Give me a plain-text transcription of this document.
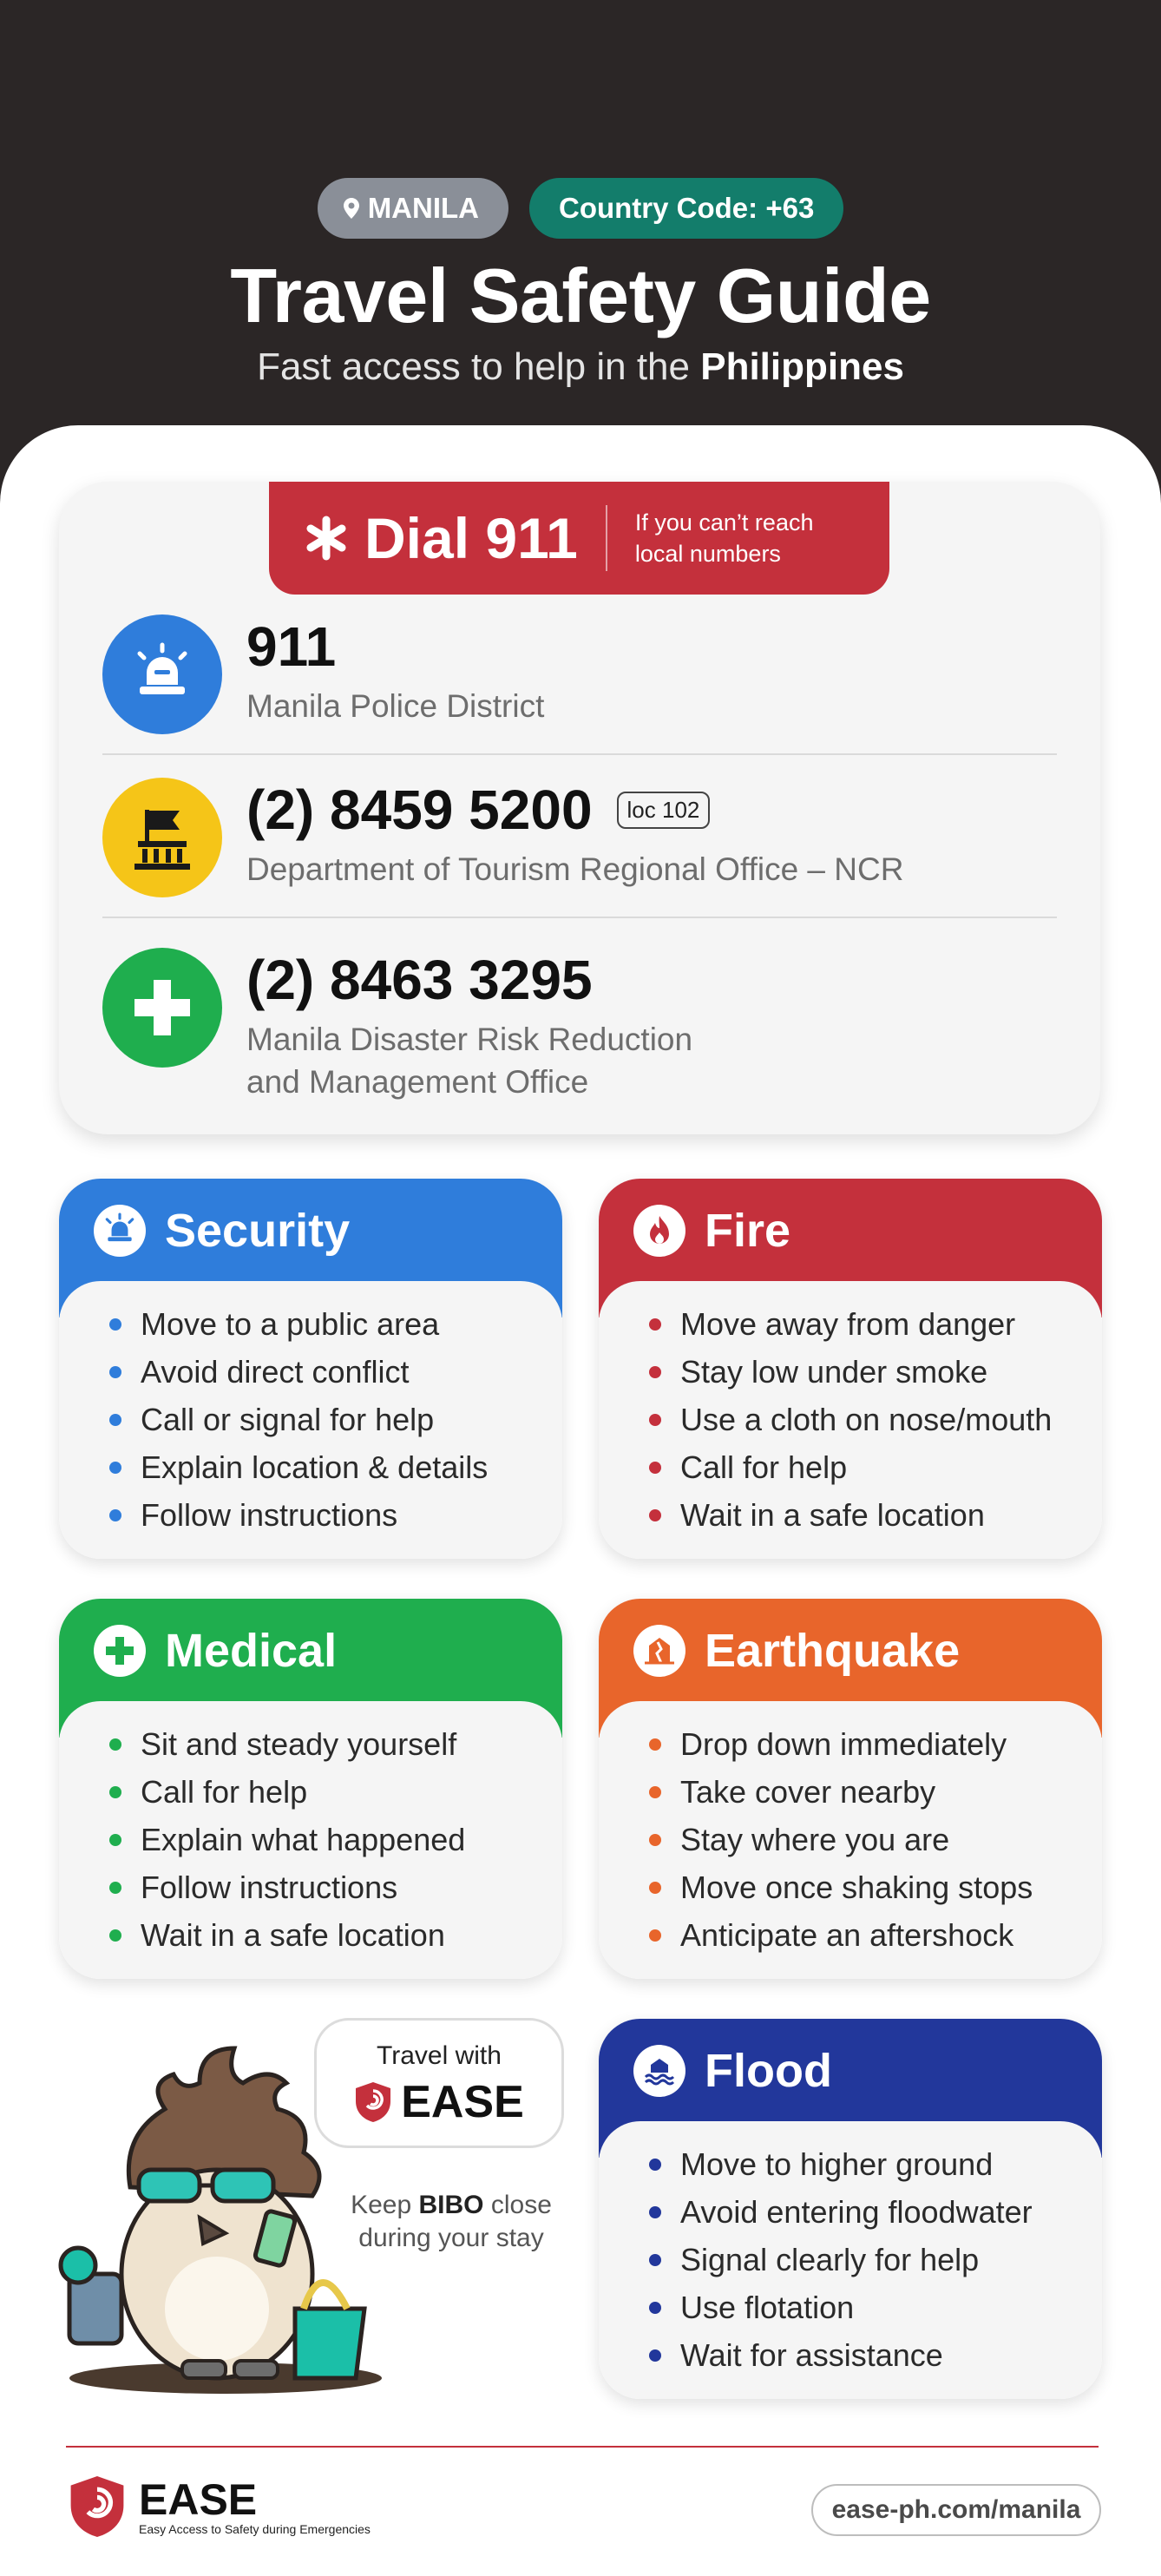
MANILA	Country Code: +63
Travel Safety Guide
Fast access to help in the Philippines
Dial 911 If you can’t reach local numbers
911
Manila Police District
(2) 8459 5200	loc 102
Department of Tourism Regional Office – NCR
(2) 8463 3295
Manila Disaster Risk Reduction
and Management Office
Security
Move to a public area
Avoid direct conflict
Call or signal for help
Explain location & details
Follow instructions
Fire
Move away from danger
Stay low under smoke
Use a cloth on nose/mouth
Call for help
Wait in a safe location
Medical
Sit and steady yourself
Call for help
Explain what happened
Follow instructions
Wait in a safe location
Earthquake
Drop down immediately
Take cover nearby
Stay where you are
Move once shaking stops
Anticipate an aftershock
Flood
Move to higher ground
Avoid entering floodwater
Signal clearly for help
Use flotation
Wait for assistance
Travel with
EASE
Keep BIBO close
during your stay
EASE
Easy Access to Safety during Emergencies
ease-ph.com/manila
